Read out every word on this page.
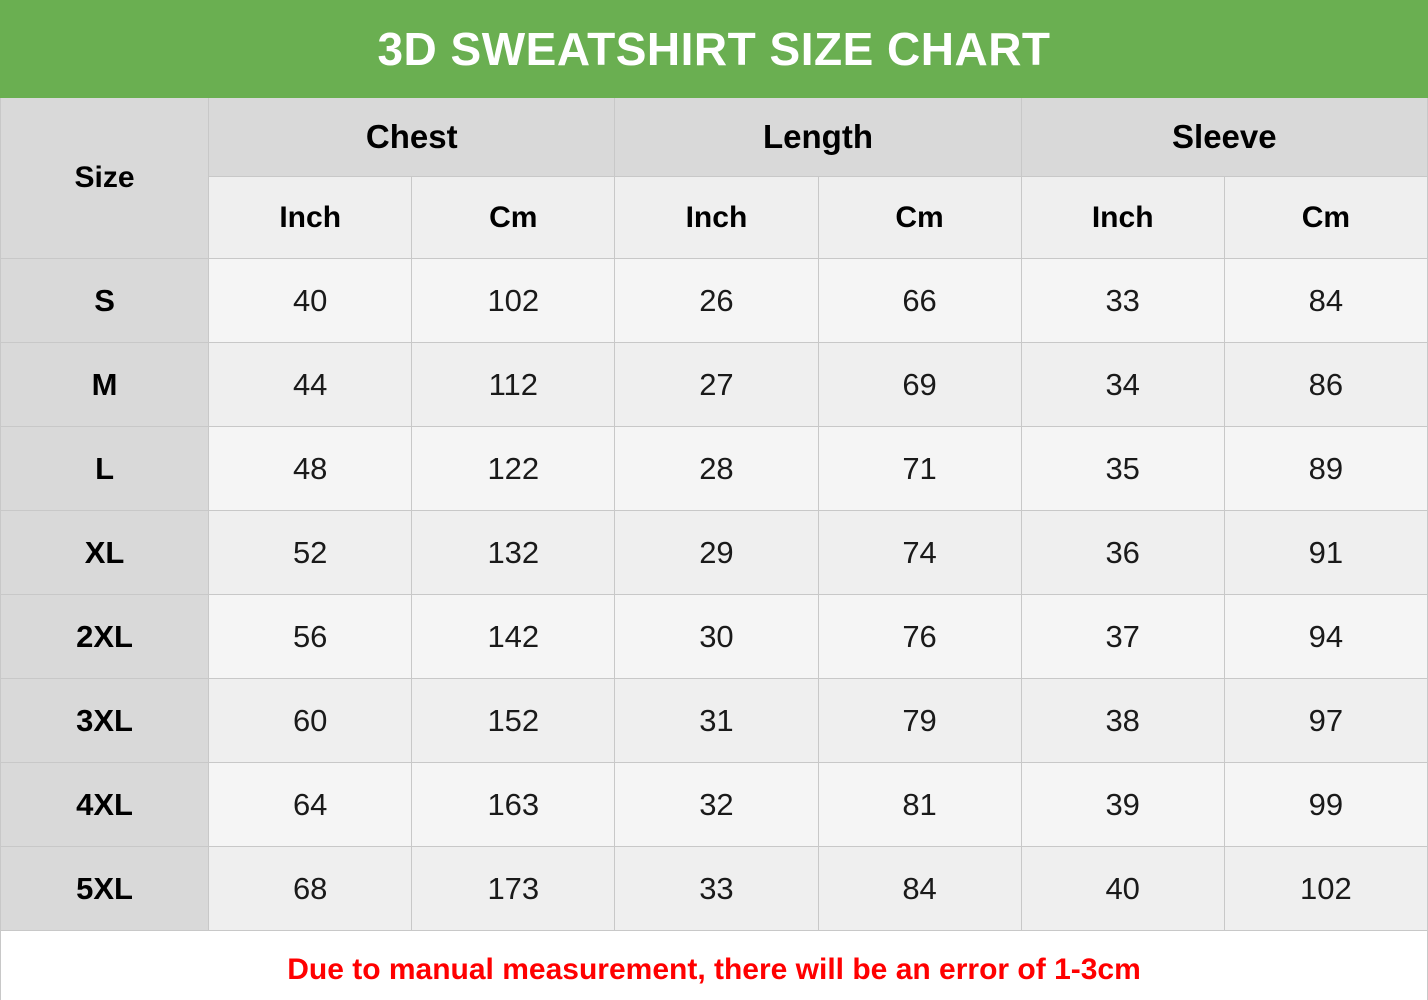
3D SWEATSHIRT SIZE CHART						
Size	Chest		Length		Sleeve	
	Inch	Cm	Inch	Cm	Inch	Cm
S	40	102	26	66	33	84
M	44	112	27	69	34	86
L	48	122	28	71	35	89
XL	52	132	29	74	36	91
2XL	56	142	30	76	37	94
3XL	60	152	31	79	38	97
4XL	64	163	32	81	39	99
5XL	68	173	33	84	40	102
Due to manual measurement, there will be an error of 1-3cm						
